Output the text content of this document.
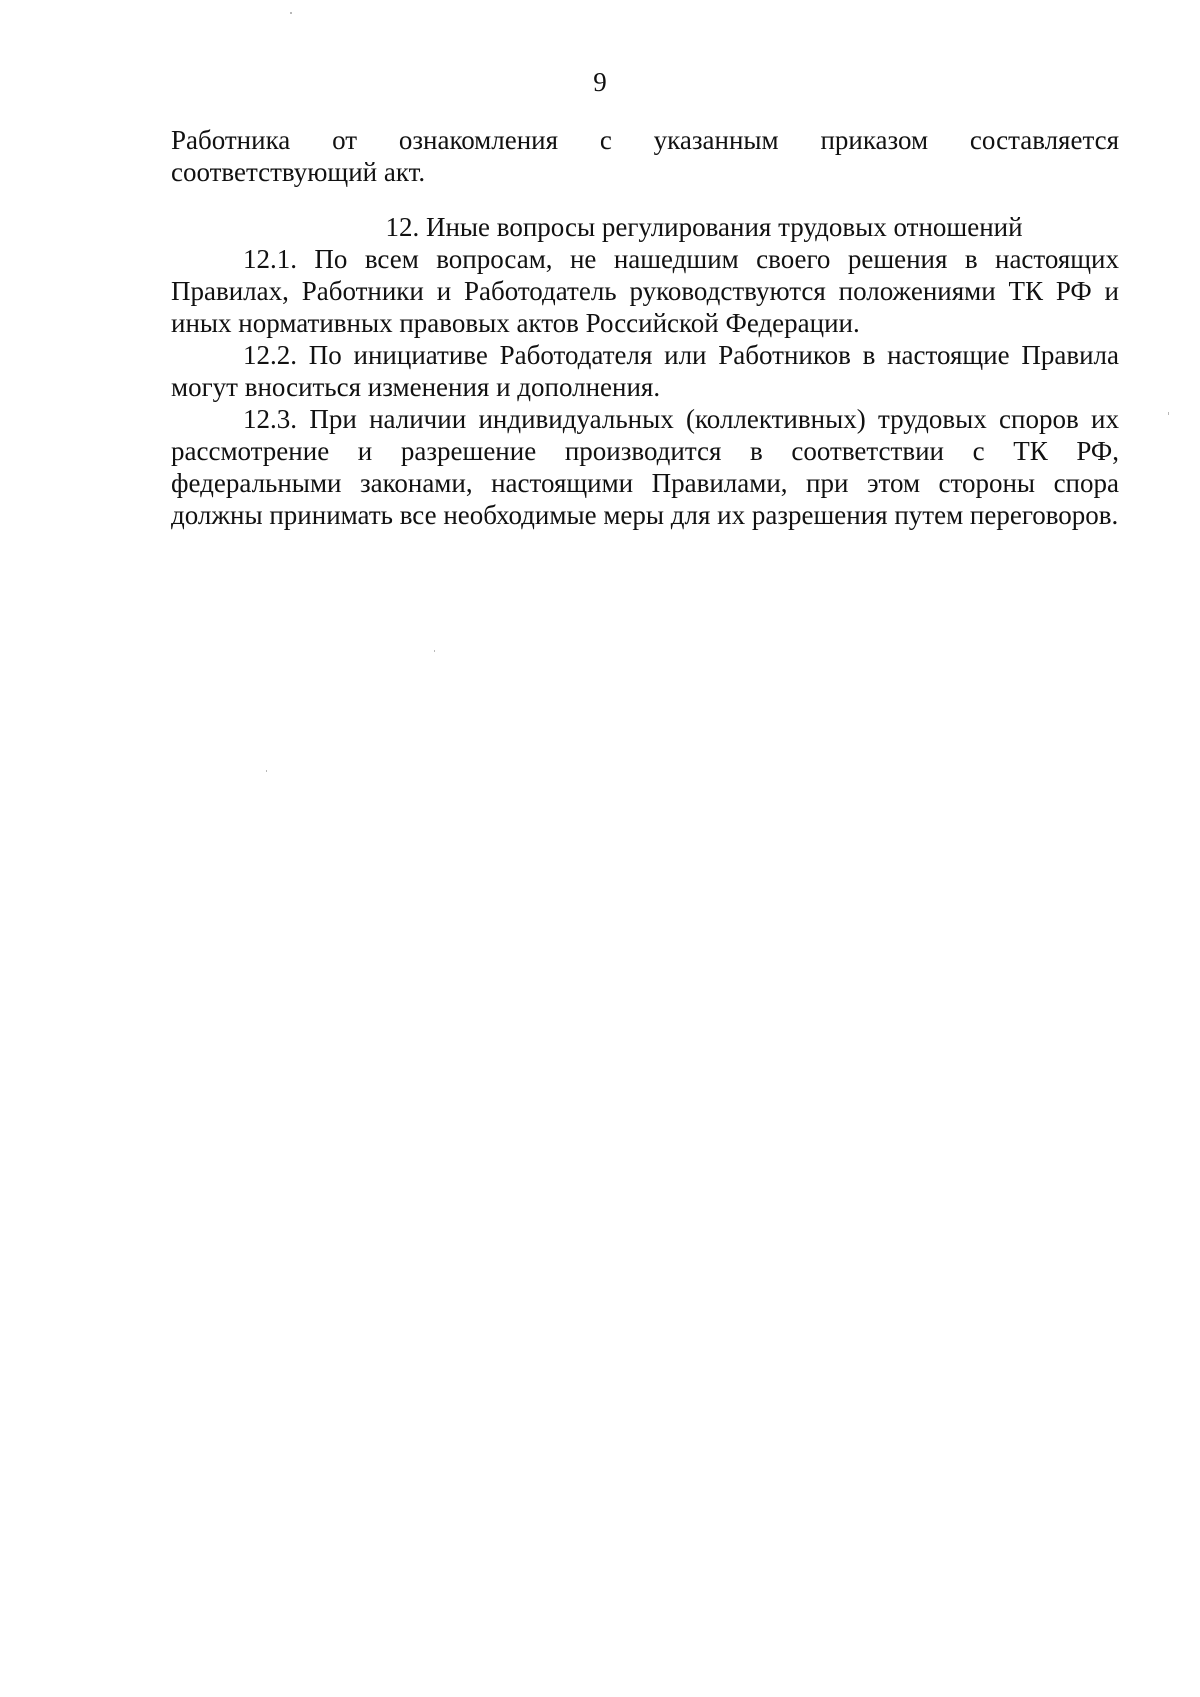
9

Работника от ознакомления с указанным приказом составляется соответствующий акт.

12. Иные вопросы регулирования трудовых отношений

12.1. По всем вопросам, не нашедшим своего решения в настоящих Правилах, Работники и Работодатель руководствуются положениями ТК РФ и иных нормативных правовых актов Российской Федерации.

12.2. По инициативе Работодателя или Работников в настоящие Правила могут вноситься изменения и дополнения.

12.3. При наличии индивидуальных (коллективных) трудовых споров их рассмотрение и разрешение производится в соответствии с ТК РФ, федеральными законами, настоящими Правилами, при этом стороны спора должны принимать все необходимые меры для их разрешения путем переговоров.
